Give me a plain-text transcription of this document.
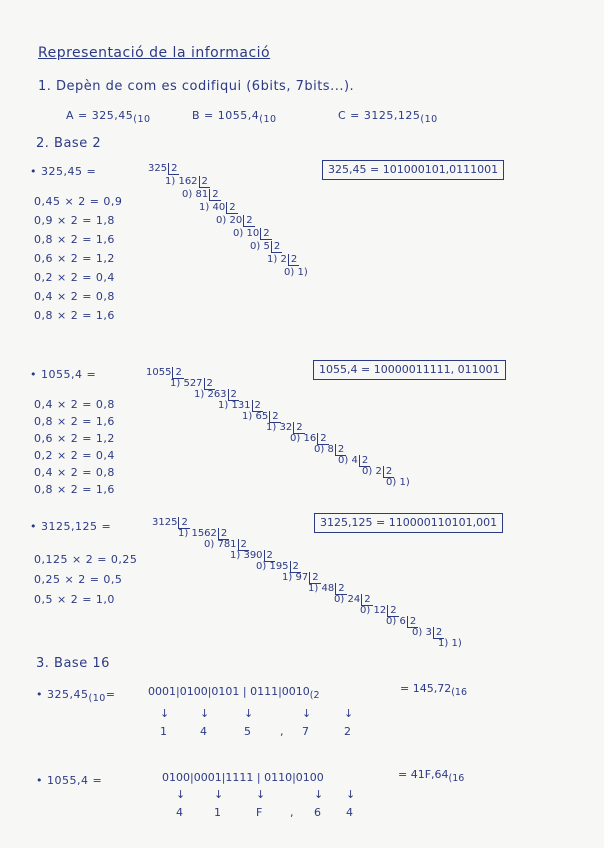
Representació de la informació
1. Depèn de com es codifiqui (6bits, 7bits...).
$A = 325,45_{(10}$	$B = 1055,4_{(10}$	$C = 3125,125_{(10}$
2. Base 2
• 325,45 =	325,45 = 101000101,0111001
0,45 × 2 = 0,9
0,9 × 2 = 1,8
0,8 × 2 = 1,6
0,6 × 2 = 1,2
0,2 × 2 = 0,4
0,4 × 2 = 0,8
0,8 × 2 = 1,6
325 2
1) 162 2
0) 81 2
1) 40 2
0) 20 2
0) 10 2
0) 5 2
1) 2 2
0) 1)
• 1055,4 =	1055,4 = 10000011111, 011001
0,4 × 2 = 0,8
0,8 × 2 = 1,6
0,6 × 2 = 1,2
0,2 × 2 = 0,4
0,4 × 2 = 0,8
0,8 × 2 = 1,6
1055 2
1) 527 2
1) 263 2
1) 131 2
1) 65 2
1) 32 2
0) 16 2
0) 8 2
0) 4 2
0) 2 2
0) 1)
• 3125,125 =	3125,125 = 110000110101,001
0,125 × 2 = 0,25
0,25 × 2 = 0,5
0,5 × 2 = 1,0
3125 2
1) 1562 2
0) 781 2
1) 390 2
0) 195 2
1) 97 2
1) 48 2
0) 24 2
0) 12 2
0) 6 2
0) 3 2
1) 1)
3. Base 16
• $325,45_{(10}=$	0001|0100|0101 | $0111|0010_{(2}$
= $145,72_{(16}$
↓
1
↓
4
↓
5	,
↓
7
↓
2
• 1055,4 =	0100|0001|1111 | 0110|0100	= $41F,64_{(16}$
↓
4
↓
1
↓
F	,
↓
6
↓
4
